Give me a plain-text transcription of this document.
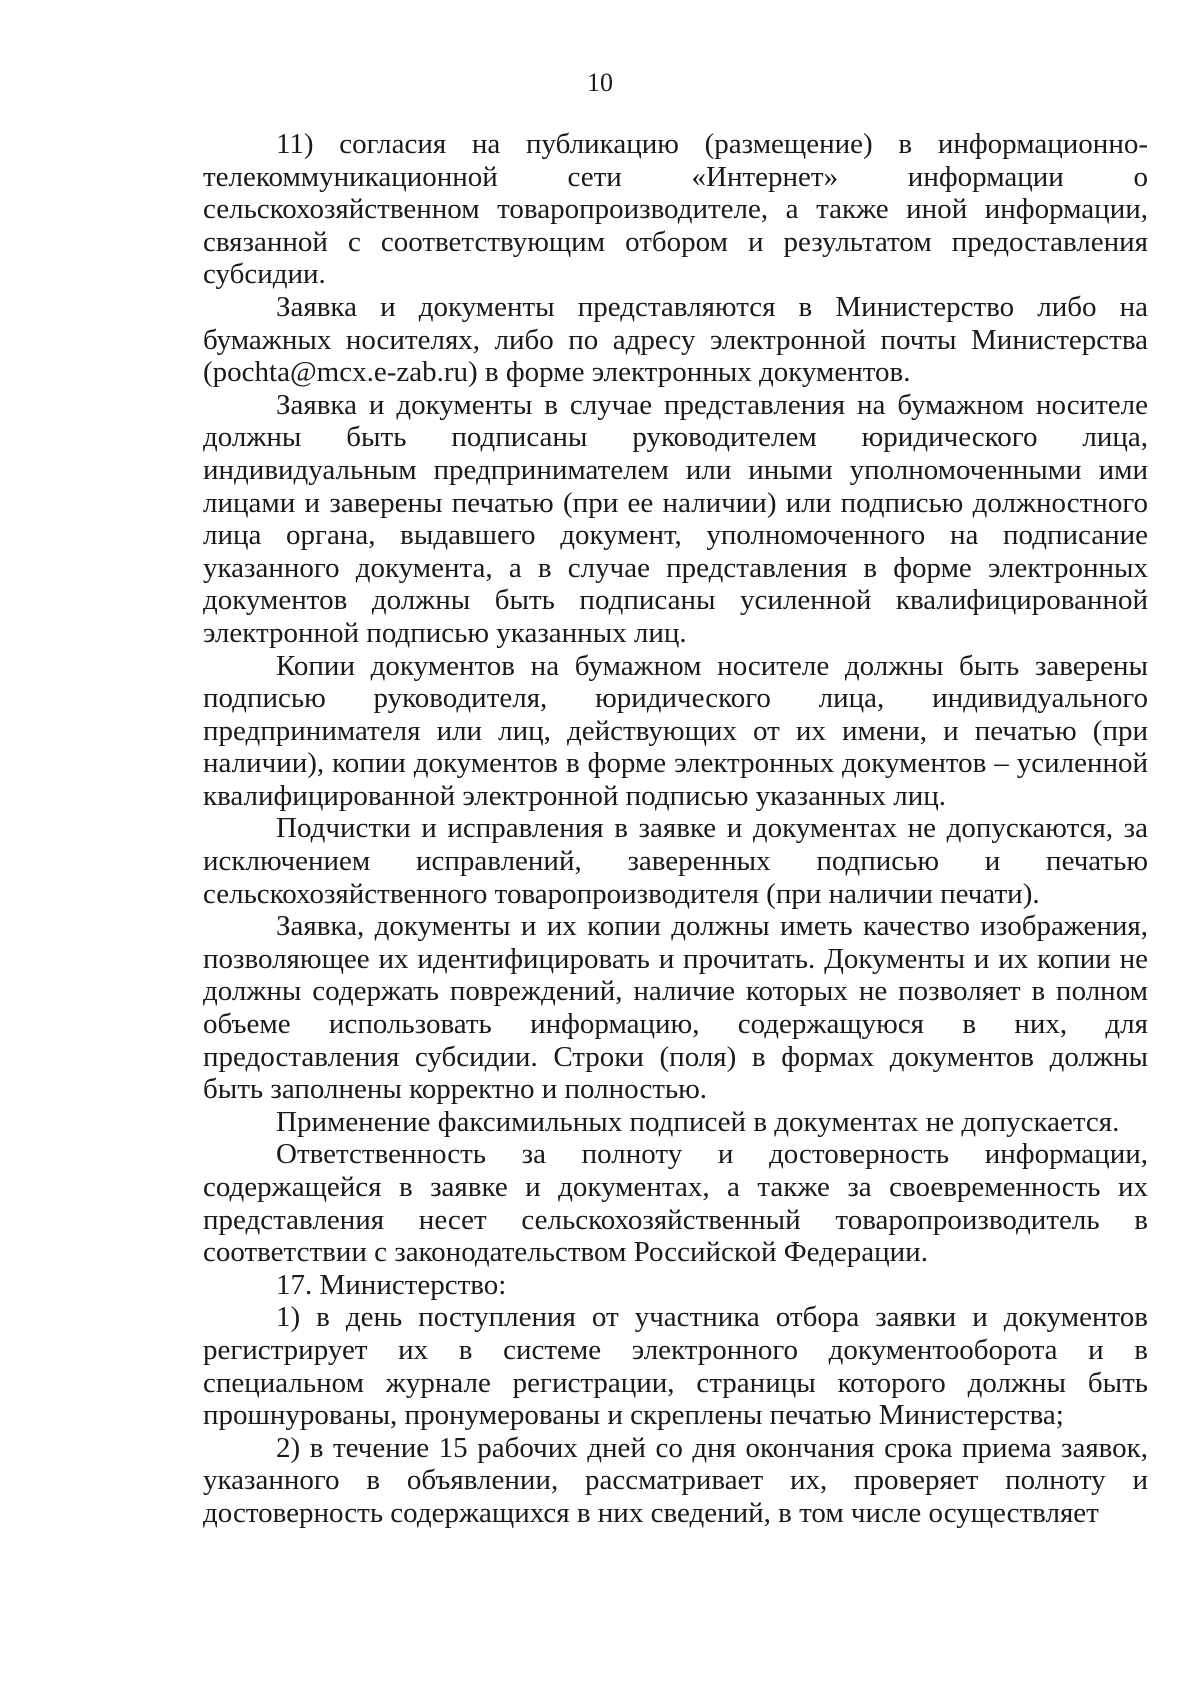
10

11) согласия на публикацию (размещение) в информационно-телекоммуникационной сети «Интернет» информации о сельскохозяйственном товаропроизводителе, а также иной информации, связанной с соответствующим отбором и результатом предоставления субсидии.

Заявка и документы представляются в Министерство либо на бумажных носителях, либо по адресу электронной почты Министерства (pochta@mcx.e-zab.ru) в форме электронных документов.

Заявка и документы в случае представления на бумажном носителе должны быть подписаны руководителем юридического лица, индивидуальным предпринимателем или иными уполномоченными ими лицами и заверены печатью (при ее наличии) или подписью должностного лица органа, выдавшего документ, уполномоченного на подписание указанного документа, а в случае представления в форме электронных документов должны быть подписаны усиленной квалифицированной электронной подписью указанных лиц.

Копии документов на бумажном носителе должны быть заверены подписью руководителя, юридического лица, индивидуального предпринимателя или лиц, действующих от их имени, и печатью (при наличии), копии документов в форме электронных документов – усиленной квалифицированной электронной подписью указанных лиц.

Подчистки и исправления в заявке и документах не допускаются, за исключением исправлений, заверенных подписью и печатью сельскохозяйственного товаропроизводителя (при наличии печати).

Заявка, документы и их копии должны иметь качество изображения, позволяющее их идентифицировать и прочитать. Документы и их копии не должны содержать повреждений, наличие которых не позволяет в полном объеме использовать информацию, содержащуюся в них, для предоставления субсидии. Строки (поля) в формах документов должны быть заполнены корректно и полностью.

Применение факсимильных подписей в документах не допускается.

Ответственность за полноту и достоверность информации, содержащейся в заявке и документах, а также за своевременность их представления несет сельскохозяйственный товаропроизводитель в соответствии с законодательством Российской Федерации.

17. Министерство:

1) в день поступления от участника отбора заявки и документов регистрирует их в системе электронного документооборота и в специальном журнале регистрации, страницы которого должны быть прошнурованы, пронумерованы и скреплены печатью Министерства;

2) в течение 15 рабочих дней со дня окончания срока приема заявок, указанного в объявлении, рассматривает их, проверяет полноту и достоверность содержащихся в них сведений, в том числе осуществляет
